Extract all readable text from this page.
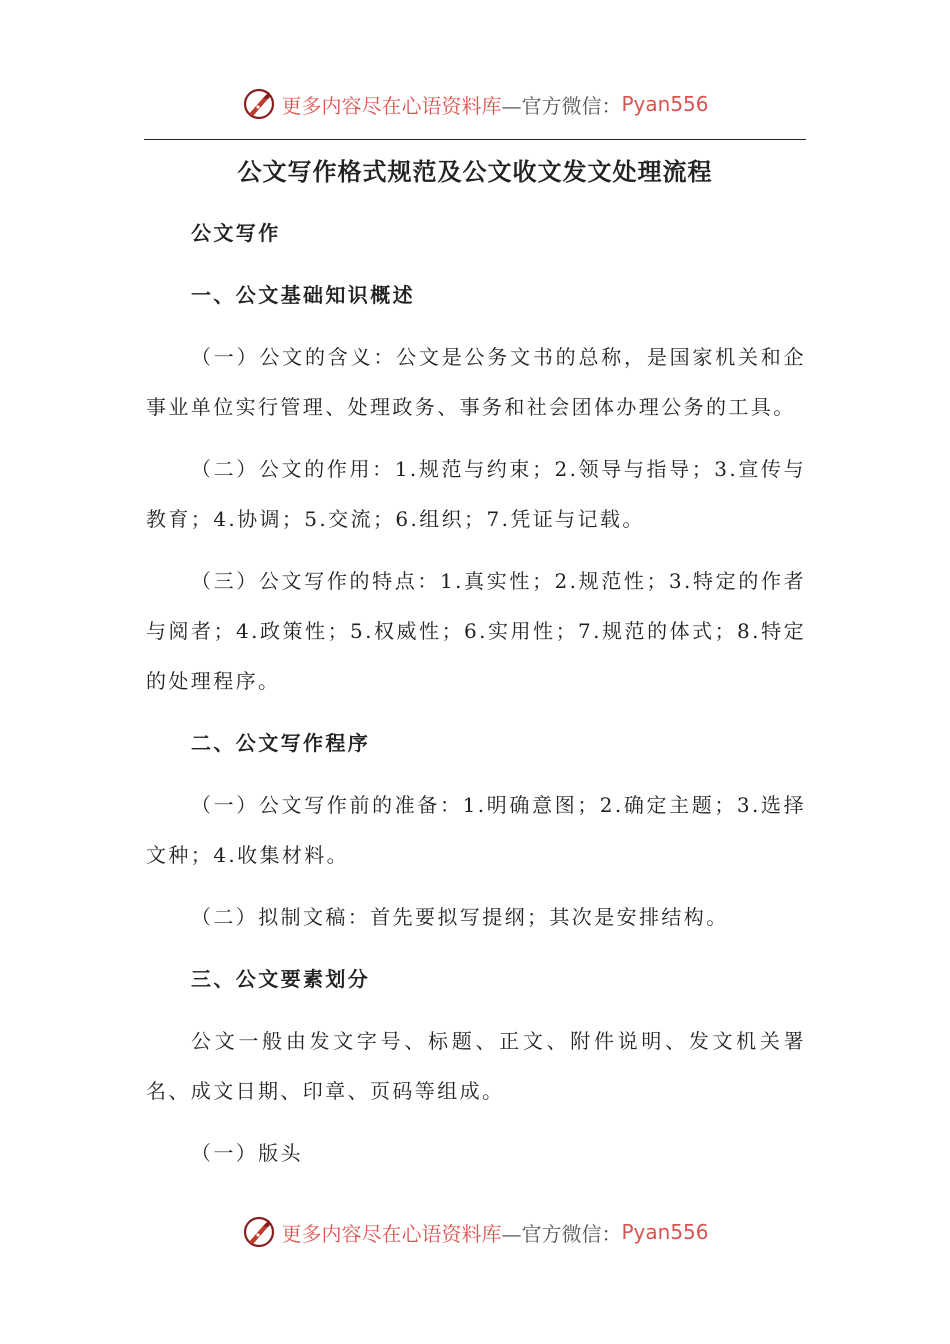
更多内容尽在心语资料库 —官方微信： Pyan556
公文写作格式规范及公文收文发文处理流程

公文写作

一、公文基础知识概述

（一）公文的含义：公文是公务文书的总称，是国家机关和企事业单位实行管理、处理政务、事务和社会团体办理公务的工具。

（二）公文的作用：1.规范与约束；2.领导与指导；3.宣传与教育；4.协调；5.交流；6.组织；7.凭证与记载。

（三）公文写作的特点：1.真实性；2.规范性；3.特定的作者与阅者；4.政策性；5.权威性；6.实用性；7.规范的体式；8.特定的处理程序。

二、公文写作程序

（一）公文写作前的准备：1.明确意图；2.确定主题；3.选择文种；4.收集材料。

（二）拟制文稿：首先要拟写提纲；其次是安排结构。

三、公文要素划分

公文一般由发文字号、标题、正文、附件说明、发文机关署名、成文日期、印章、页码等组成。

（一）版头

更多内容尽在心语资料库 —官方微信： Pyan556
